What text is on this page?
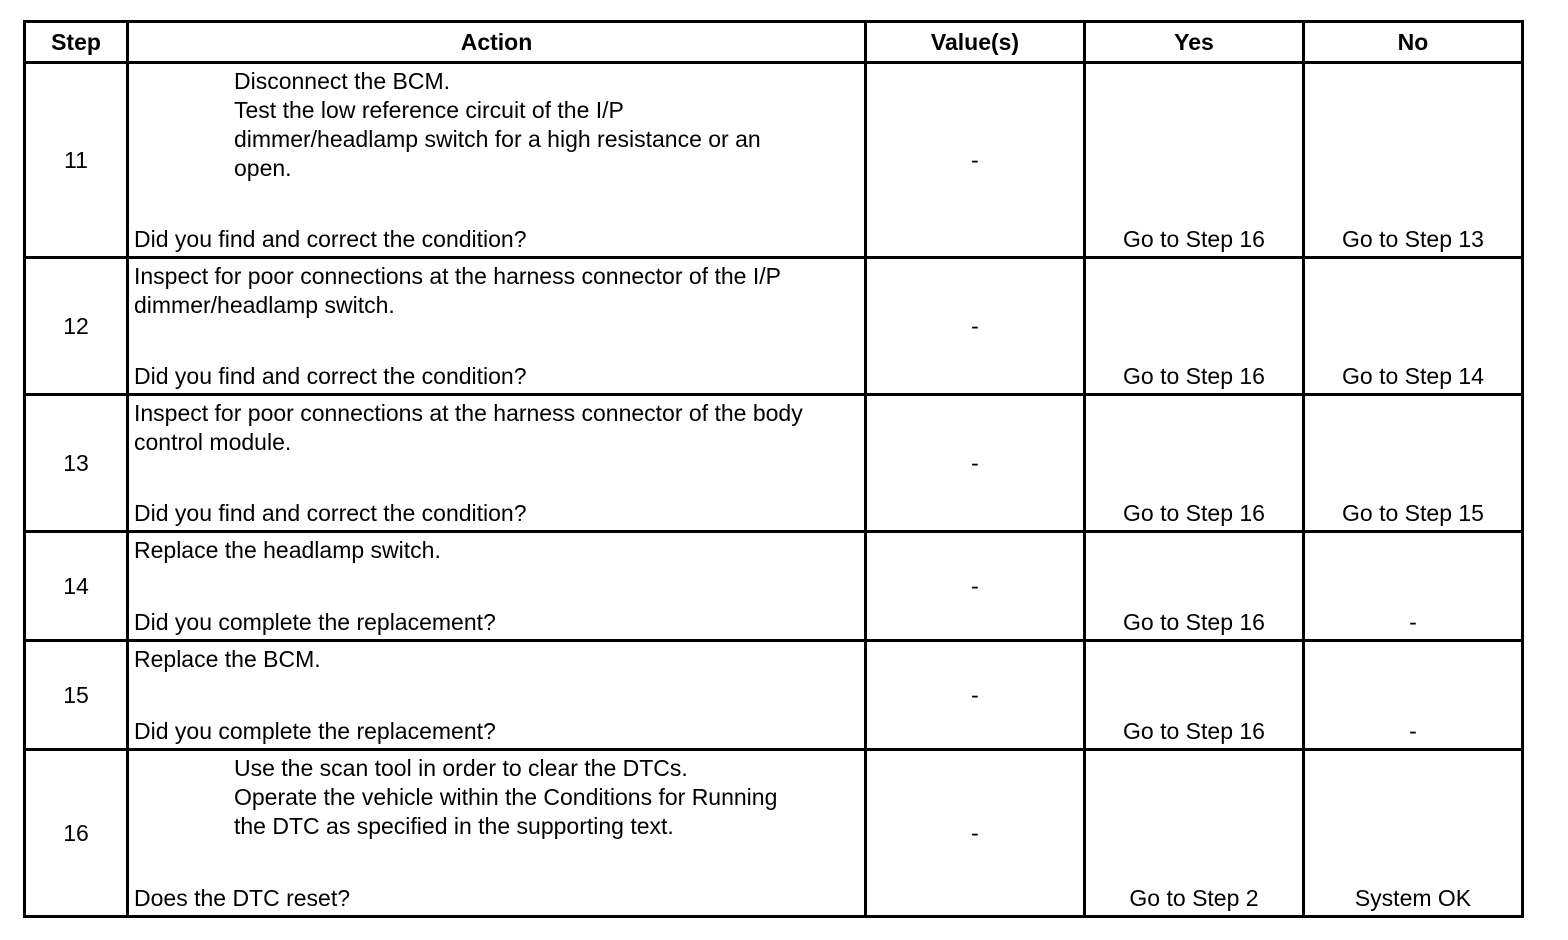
Step	Action	Value(s)	Yes	No
11	Disconnect the BCM.
Test the low reference circuit of the I/P
dimmer/headlamp switch for a high resistance or an
open.
Did you find and correct the condition?	-	Go to Step 16	Go to Step 13

12	Inspect for poor connections at the harness connector of the I/P
dimmer/headlamp switch.
Did you find and correct the condition?	-	Go to Step 16	Go to Step 14

13	Inspect for poor connections at the harness connector of the body
control module.
Did you find and correct the condition?	-	Go to Step 16	Go to Step 15

14	Replace the headlamp switch.
Did you complete the replacement?	-	Go to Step 16	-

15	Replace the BCM.
Did you complete the replacement?	-	Go to Step 16	-

16	Use the scan tool in order to clear the DTCs.
Operate the vehicle within the Conditions for Running
the DTC as specified in the supporting text.
Does the DTC reset?	-	Go to Step 2	System OK
